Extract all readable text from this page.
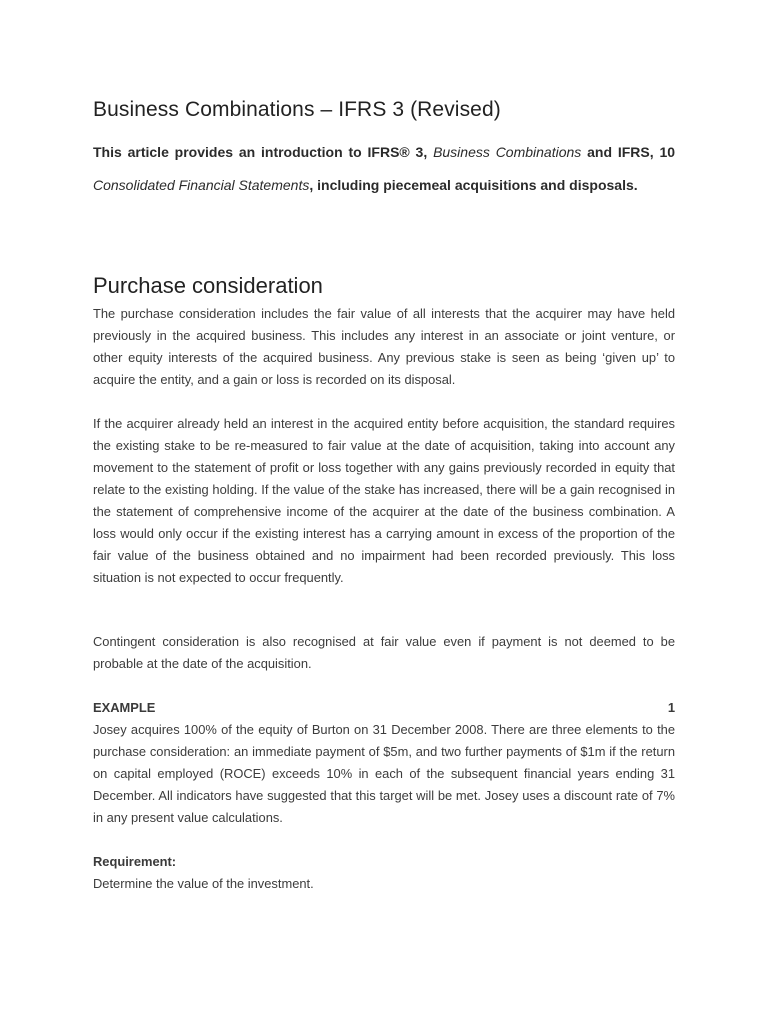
Business Combinations – IFRS 3 (Revised)
This article provides an introduction to IFRS® 3, Business Combinations and IFRS, 10 Consolidated Financial Statements, including piecemeal acquisitions and disposals.
Purchase consideration

The purchase consideration includes the fair value of all interests that the acquirer may have held previously in the acquired business. This includes any interest in an associate or joint venture, or other equity interests of the acquired business. Any previous stake is seen as being ‘given up’ to acquire the entity, and a gain or loss is recorded on its disposal.

If the acquirer already held an interest in the acquired entity before acquisition, the standard requires the existing stake to be re-measured to fair value at the date of acquisition, taking into account any movement to the statement of profit or loss together with any gains previously recorded in equity that relate to the existing holding. If the value of the stake has increased, there will be a gain recognised in the statement of comprehensive income of the acquirer at the date of the business combination. A loss would only occur if the existing interest has a carrying amount in excess of the proportion of the fair value of the business obtained and no impairment had been recorded previously. This loss situation is not expected to occur frequently.

Contingent consideration is also recognised at fair value even if payment is not deemed to be probable at the date of the acquisition.

EXAMPLE	1

Josey acquires 100% of the equity of Burton on 31 December 2008. There are three elements to the purchase consideration: an immediate payment of $5m, and two further payments of $1m if the return on capital employed (ROCE) exceeds 10% in each of the subsequent financial years ending 31 December. All indicators have suggested that this target will be met. Josey uses a discount rate of 7% in any present value calculations.

Requirement:
Determine the value of the investment.
